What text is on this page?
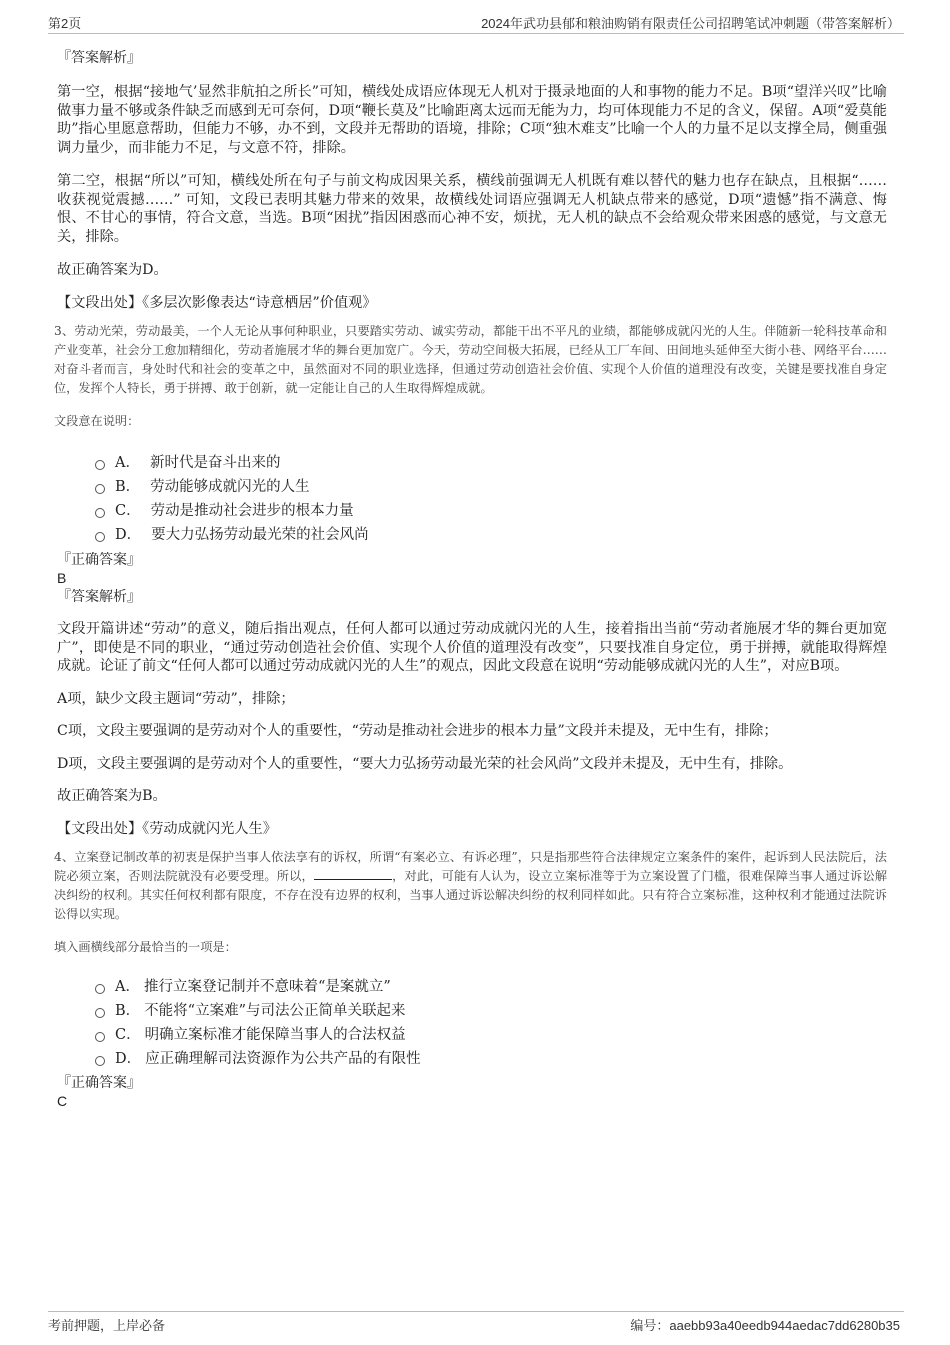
第2页	2024年武功县郁和粮油购销有限责任公司招聘笔试冲刺题（带答案解析）

『答案解析』

第一空，根据“接地气’显然非航拍之所长”可知，横线处成语应体现无人机对于摄录地面的人和事物的能力不足。B项“望洋兴叹”比喻做事力量不够或条件缺乏而感到无可奈何，D项“鞭长莫及”比喻距离太远而无能为力，均可体现能力不足的含义，保留。A项“爱莫能助”指心里愿意帮助，但能力不够，办不到，文段并无帮助的语境，排除；C项“独木难支”比喻一个人的力量不足以支撑全局，侧重强调力量少，而非能力不足，与文意不符，排除。

第二空，根据“所以”可知，横线处所在句子与前文构成因果关系，横线前强调无人机既有难以替代的魅力也存在缺点，且根据“……收获视觉震撼……” 可知，文段已表明其魅力带来的效果，故横线处词语应强调无人机缺点带来的感觉，D项“遗憾”指不满意、悔恨、不甘心的事情，符合文意，当选。B项“困扰”指因困惑而心神不安，烦扰，无人机的缺点不会给观众带来困惑的感觉，与文意无关，排除。

故正确答案为D。

【文段出处】《多层次影像表达“诗意栖居”价值观》

3、劳动光荣，劳动最美，一个人无论从事何种职业，只要踏实劳动、诚实劳动，都能干出不平凡的业绩，都能够成就闪光的人生。伴随新一轮科技革命和产业变革，社会分工愈加精细化，劳动者施展才华的舞台更加宽广。今天，劳动空间极大拓展，已经从工厂车间、田间地头延伸至大街小巷、网络平台……对奋斗者而言，身处时代和社会的变革之中，虽然面对不同的职业选择，但通过劳动创造社会价值、实现个人价值的道理没有改变，关键是要找准自身定位，发挥个人特长，勇于拼搏、敢于创新，就一定能让自己的人生取得辉煌成就。

文段意在说明：

A． 新时代是奋斗出来的
B． 劳动能够成就闪光的人生
C． 劳动是推动社会进步的根本力量
D． 要大力弘扬劳动最光荣的社会风尚

『正确答案』

B

『答案解析』

文段开篇讲述“劳动”的意义，随后指出观点，任何人都可以通过劳动成就闪光的人生，接着指出当前“劳动者施展才华的舞台更加宽广”，即使是不同的职业，“通过劳动创造社会价值、实现个人价值的道理没有改变”，只要找准自身定位，勇于拼搏，就能取得辉煌成就。论证了前文“任何人都可以通过劳动成就闪光的人生”的观点，因此文段意在说明“劳动能够成就闪光的人生”，对应B项。

A项，缺少文段主题词“劳动”，排除；

C项，文段主要强调的是劳动对个人的重要性，“劳动是推动社会进步的根本力量”文段并未提及，无中生有，排除；

D项，文段主要强调的是劳动对个人的重要性，“要大力弘扬劳动最光荣的社会风尚”文段并未提及，无中生有，排除。

故正确答案为B。

【文段出处】《劳动成就闪光人生》

4、立案登记制改革的初衷是保护当事人依法享有的诉权，所谓“有案必立、有诉必理”，只是指那些符合法律规定立案条件的案件，起诉到人民法院后，法院必须立案，否则法院就没有必要受理。所以，	，对此，可能有人认为，设立立案标准等于为立案设置了门槛，很难保障当事人通过诉讼解决纠纷的权利。其实任何权利都有限度，不存在没有边界的权利，当事人通过诉讼解决纠纷的权利同样如此。只有符合立案标准，这种权利才能通过法院诉讼得以实现。

填入画横线部分最恰当的一项是：

A． 推行立案登记制并不意味着“是案就立”
B． 不能将“立案难”与司法公正简单关联起来
C． 明确立案标准才能保障当事人的合法权益
D． 应正确理解司法资源作为公共产品的有限性

『正确答案』

C

考前押题，上岸必备	编号：aaebb93a40eedb944aedac7dd6280b35
